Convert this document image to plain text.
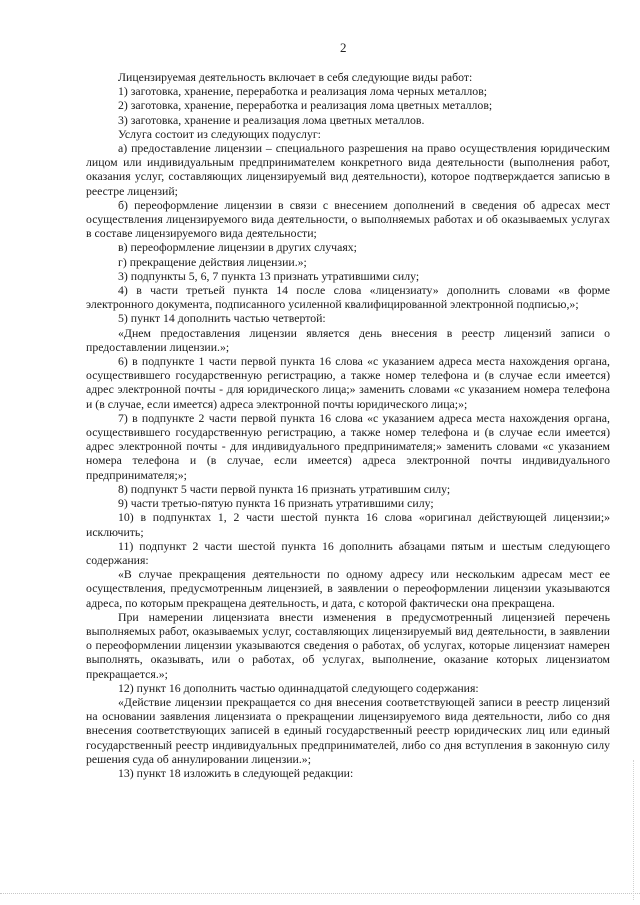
2

Лицензируемая деятельность включает в себя следующие виды работ:

1) заготовка, хранение, переработка и реализация лома черных металлов;

2) заготовка, хранение, переработка и реализация лома цветных металлов;

3) заготовка, хранение и реализация лома цветных металлов.

Услуга состоит из следующих подуслуг:

а) предоставление лицензии – специального разрешения на право осуществления юридическим лицом или индивидуальным предпринимателем конкретного вида деятельности (выполнения работ, оказания услуг, составляющих лицензируемый вид деятельности), которое подтверждается записью в реестре лицензий;

б) переоформление лицензии в связи с внесением дополнений в сведения об адресах мест осуществления лицензируемого вида деятельности, о выполняемых работах и об оказываемых услугах в составе лицензируемого вида деятельности;

в) переоформление лицензии в других случаях;

г) прекращение действия лицензии.»;

3) подпункты 5, 6, 7 пункта 13 признать утратившими силу;

4) в части третьей пункта 14 после слова «лицензиату» дополнить словами «в форме электронного документа, подписанного усиленной квалифицированной электронной подписью,»;

5) пункт 14 дополнить частью четвертой:

«Днем предоставления лицензии является день внесения в реестр лицензий записи о предоставлении лицензии.»;

6) в подпункте 1 части первой пункта 16 слова «с указанием адреса места нахождения органа, осуществившего государственную регистрацию, а также номер телефона и (в случае если имеется) адрес электронной почты - для юридического лица;» заменить словами «с указанием номера телефона и (в случае, если имеется) адреса электронной почты юридического лица;»;

7) в подпункте 2 части первой пункта 16 слова «с указанием адреса места нахождения органа, осуществившего государственную регистрацию, а также номер телефона и (в случае если имеется) адрес электронной почты - для индивидуального предпринимателя;» заменить словами «с указанием номера телефона и (в случае, если имеется) адреса электронной почты индивидуального предпринимателя;»;

8) подпункт 5 части первой пункта 16 признать утратившим силу;

9) части третью-пятую пункта 16 признать утратившими силу;

10) в подпунктах 1, 2 части шестой пункта 16 слова «оригинал действующей лицензии;» исключить;

11) подпункт 2 части шестой пункта 16 дополнить абзацами пятым и шестым следующего содержания:

«В случае прекращения деятельности по одному адресу или нескольким адресам мест ее осуществления, предусмотренным лицензией, в заявлении о переоформлении лицензии указываются адреса, по которым прекращена деятельность, и дата, с которой фактически она прекращена.

При намерении лицензиата внести изменения в предусмотренный лицензией перечень выполняемых работ, оказываемых услуг, составляющих лицензируемый вид деятельности, в заявлении о переоформлении лицензии указываются сведения о работах, об услугах, которые лицензиат намерен выполнять, оказывать, или о работах, об услугах, выполнение, оказание которых лицензиатом прекращается.»;

12) пункт 16 дополнить частью одиннадцатой следующего содержания:

«Действие лицензии прекращается со дня внесения соответствующей записи в реестр лицензий на основании заявления лицензиата о прекращении лицензируемого вида деятельности, либо со дня внесения соответствующих записей в единый государственный реестр юридических лиц или единый государственный реестр индивидуальных предпринимателей, либо со дня вступления в законную силу решения суда об аннулировании лицензии.»;

13) пункт 18 изложить в следующей редакции:
